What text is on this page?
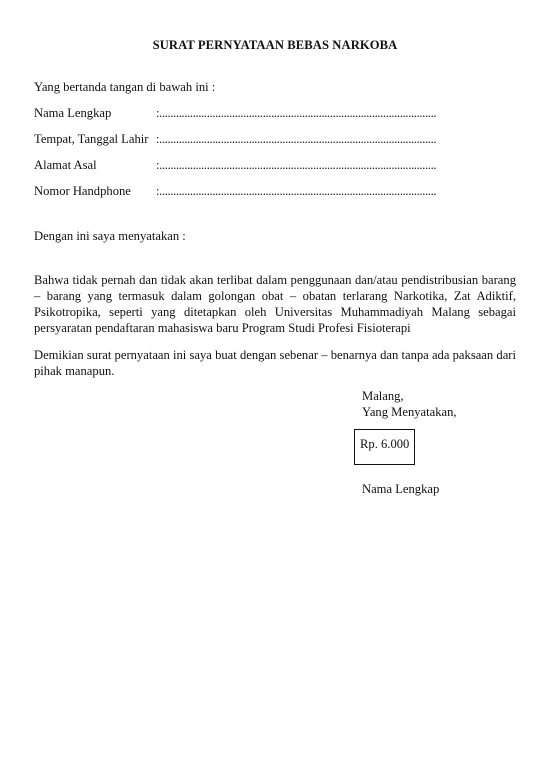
SURAT PERNYATAAN BEBAS NARKOBA
Yang bertanda tangan di bawah ini :
Nama Lengkap	:...................................................................................................
Tempat, Tanggal Lahir :...................................................................................................
Alamat Asal	:...................................................................................................
Nomor Handphone :...................................................................................................
Dengan ini saya menyatakan :
Bahwa tidak pernah dan tidak akan terlibat dalam penggunaan dan/atau pendistribusian barang – barang yang termasuk dalam golongan obat – obatan terlarang Narkotika, Zat Adiktif, Psikotropika, seperti yang ditetapkan oleh Universitas Muhammadiyah Malang sebagai persyaratan pendaftaran mahasiswa baru Program Studi Profesi Fisioterapi
Demikian surat pernyataan ini saya buat dengan sebenar – benarnya dan tanpa ada paksaan dari pihak manapun.
Malang,
Yang Menyatakan,
Rp. 6.000
Nama Lengkap
